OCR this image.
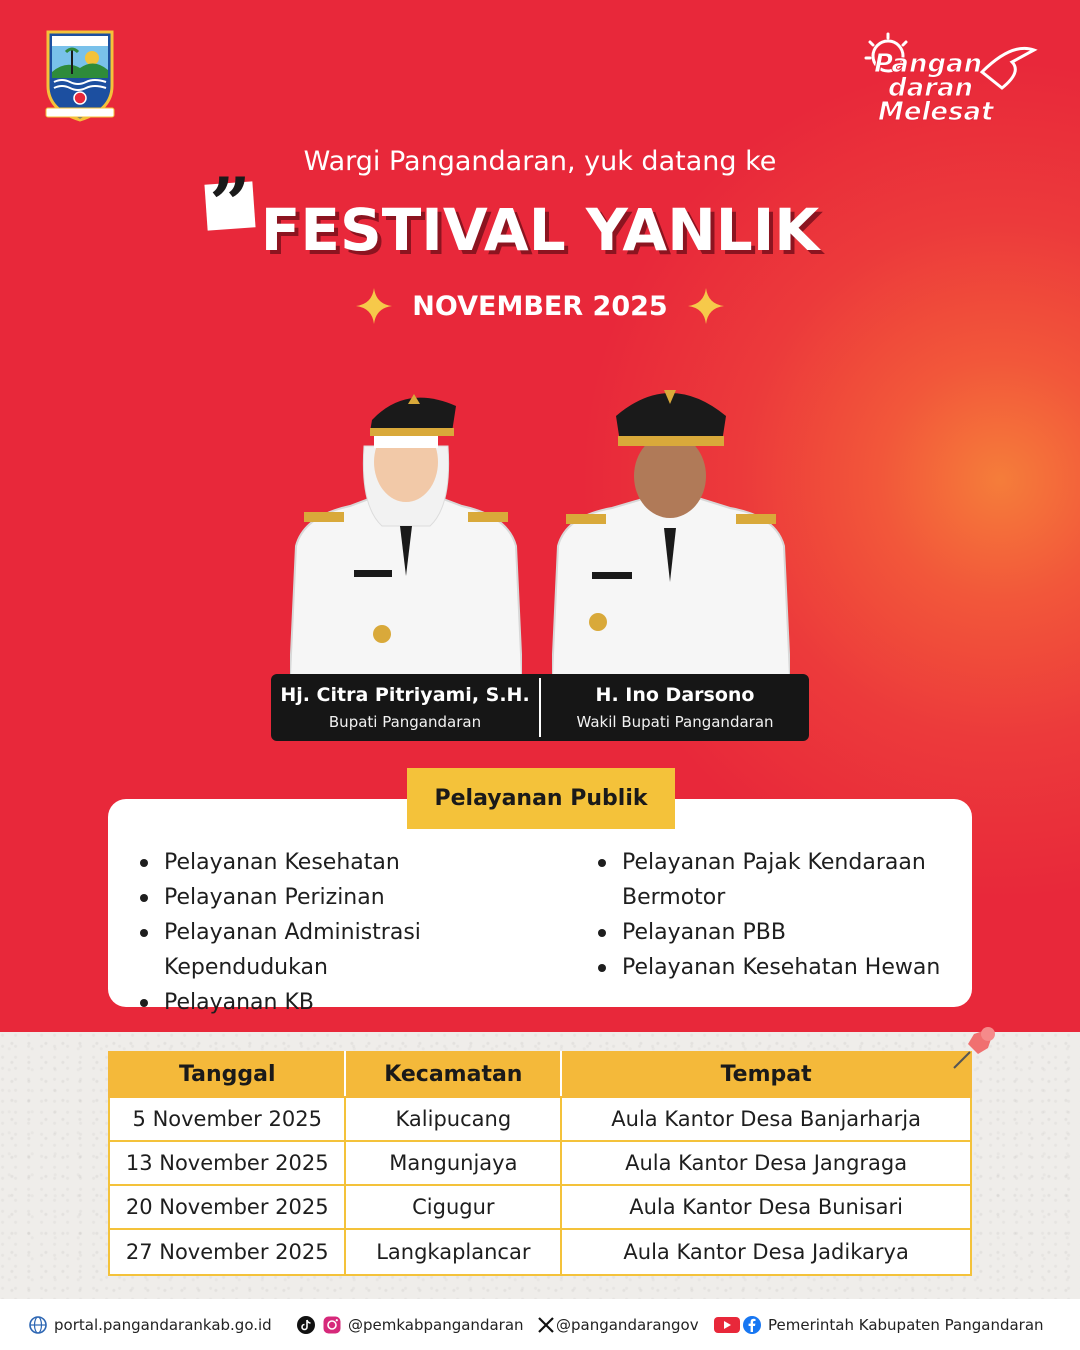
Pangan
daran
Melesat
Wargi Pangandaran, yuk datang ke
” FESTIVAL YANLIK
NOVEMBER 2025
Hj. Citra Pitriyami, S.H.
Bupati Pangandaran
H. Ino Darsono
Wakil Bupati Pangandaran
Pelayanan Publik
Pelayanan Kesehatan
Pelayanan Perizinan
Pelayanan Administrasi Kependudukan
Pelayanan KB
Pelayanan Pajak Kendaraan Bermotor
Pelayanan PBB
Pelayanan Kesehatan Hewan
Tanggal	Kecamatan	Tempat
5 November 2025	Kalipucang	Aula Kantor Desa Banjarharja
13 November 2025	Mangunjaya	Aula Kantor Desa Jangraga
20 November 2025	Cigugur	Aula Kantor Desa Bunisari
27 November 2025	Langkaplancar	Aula Kantor Desa Jadikarya
portal.pangandarankab.go.id	@pemkabpangandaran @pangandarangov	Pemerintah Kabupaten Pangandaran
